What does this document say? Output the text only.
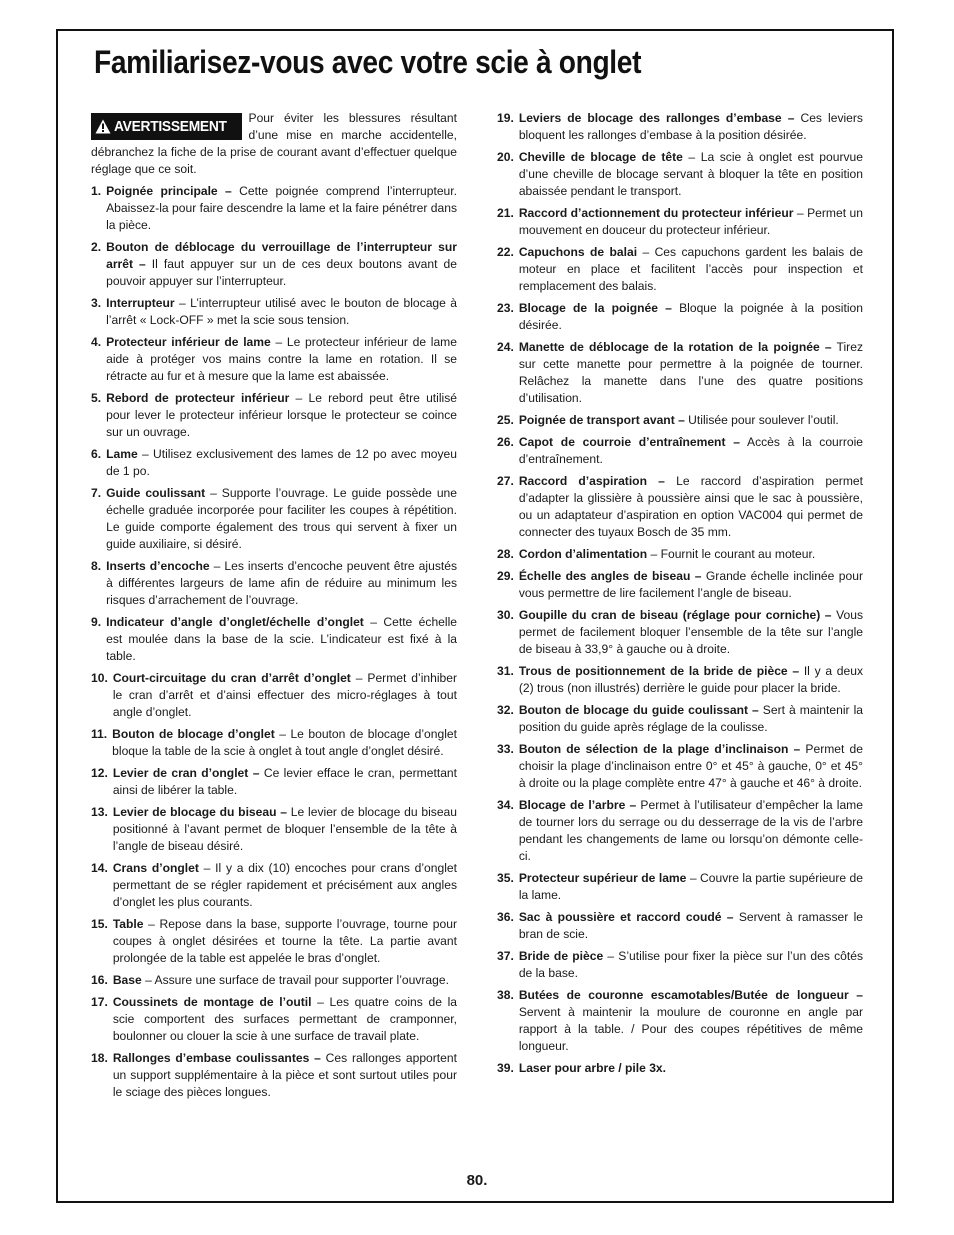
Familiarisez-vous avec votre scie à onglet

AVERTISSEMENT Pour éviter les blessures résultant d’une mise en marche accidentelle, débranchez la fiche de la prise de courant avant d’effectuer quelque réglage que ce soit.

1. Poignée principale – Cette poignée comprend l’interrupteur. Abaissez-la pour faire descendre la lame et la faire pénétrer dans la pièce.
2. Bouton de déblocage du verrouillage de l’interrupteur sur arrêt – Il faut appuyer sur un de ces deux boutons avant de pouvoir appuyer sur l’interrupteur.
3. Interrupteur – L’interrupteur utilisé avec le bouton de blocage à l’arrêt « Lock-OFF » met la scie sous tension.
4. Protecteur inférieur de lame – Le protecteur inférieur de lame aide à protéger vos mains contre la lame en rotation. Il se rétracte au fur et à mesure que la lame est abaissée.
5. Rebord de protecteur inférieur – Le rebord peut être utilisé pour lever le protecteur inférieur lorsque le protecteur se coince sur un ouvrage.
6. Lame – Utilisez exclusivement des lames de 12 po avec moyeu de 1 po.
7. Guide coulissant – Supporte l’ouvrage. Le guide possède une échelle graduée incorporée pour faciliter les coupes à répétition. Le guide comporte également des trous qui servent à fixer un guide auxiliaire, si désiré.
8. Inserts d’encoche – Les inserts d’encoche peuvent être ajustés à différentes largeurs de lame afin de réduire au minimum les risques d’arrachement de l’ouvrage.
9. Indicateur d’angle d’onglet/échelle d’onglet – Cette échelle est moulée dans la base de la scie. L’indicateur est fixé à la table.
10. Court-circuitage du cran d’arrêt d’onglet – Permet d’inhiber le cran d’arrêt et d’ainsi effectuer des micro-réglages à tout angle d’onglet.
11. Bouton de blocage d’onglet – Le bouton de blocage d’onglet bloque la table de la scie à onglet à tout angle d’onglet désiré.
12. Levier de cran d’onglet – Ce levier efface le cran, permettant ainsi de libérer la table.
13. Levier de blocage du biseau – Le levier de blocage du biseau positionné à l’avant permet de bloquer l’ensemble de la tête à l’angle de biseau désiré.
14. Crans d’onglet – Il y a dix (10) encoches pour crans d’onglet permettant de se régler rapidement et précisément aux angles d’onglet les plus courants.
15. Table – Repose dans la base, supporte l’ouvrage, tourne pour coupes à onglet désirées et tourne la tête. La partie avant prolongée de la table est appelée le bras d’onglet.
16. Base – Assure une surface de travail pour supporter l’ouvrage.
17. Coussinets de montage de l’outil – Les quatre coins de la scie comportent des surfaces permettant de cramponner, boulonner ou clouer la scie à une surface de travail plate.
18. Rallonges d’embase coulissantes – Ces rallonges apportent un support supplémentaire à la pièce et sont surtout utiles pour le sciage des pièces longues.
19. Leviers de blocage des rallonges d’embase – Ces leviers bloquent les rallonges d’embase à la position désirée.
20. Cheville de blocage de tête – La scie à onglet est pourvue d’une cheville de blocage servant à bloquer la tête en position abaissée pendant le transport.
21. Raccord d’actionnement du protecteur inférieur – Permet un mouvement en douceur du protecteur inférieur.
22. Capuchons de balai – Ces capuchons gardent les balais de moteur en place et facilitent l’accès pour inspection et remplacement des balais.
23. Blocage de la poignée – Bloque la poignée à la position désirée.
24. Manette de déblocage de la rotation de la poignée – Tirez sur cette manette pour permettre à la poignée de tourner. Relâchez la manette dans l’une des quatre positions d’utilisation.
25. Poignée de transport avant – Utilisée pour soulever l’outil.
26. Capot de courroie d’entraînement – Accès à la courroie d’entraînement.
27. Raccord d’aspiration – Le raccord d’aspiration permet d’adapter la glissière à poussière ainsi que le sac à poussière, ou un adaptateur d’aspiration en option VAC004 qui permet de connecter des tuyaux Bosch de 35 mm.
28. Cordon d’alimentation – Fournit le courant au moteur.
29. Échelle des angles de biseau – Grande échelle inclinée pour vous permettre de lire facilement l’angle de biseau.
30. Goupille du cran de biseau (réglage pour corniche) – Vous permet de facilement bloquer l’ensemble de la tête sur l’angle de biseau à 33,9° à gauche ou à droite.
31. Trous de positionnement de la bride de pièce – Il y a deux (2) trous (non illustrés) derrière le guide pour placer la bride.
32. Bouton de blocage du guide coulissant – Sert à maintenir la position du guide après réglage de la coulisse.
33. Bouton de sélection de la plage d’inclinaison – Permet de choisir la plage d’inclinaison entre 0° et 45° à gauche, 0° et 45° à droite ou la plage complète entre 47° à gauche et 46° à droite.
34. Blocage de l’arbre – Permet à l’utilisateur d’empêcher la lame de tourner lors du serrage ou du desserrage de la vis de l’arbre pendant les changements de lame ou lorsqu’on démonte celle-ci.
35. Protecteur supérieur de lame – Couvre la partie supérieure de la lame.
36. Sac à poussière et raccord coudé – Servent à ramasser le bran de scie.
37. Bride de pièce – S’utilise pour fixer la pièce sur l’un des côtés de la base.
38. Butées de couronne escamotables/Butée de longueur – Servent à maintenir la moulure de couronne en angle par rapport à la table. / Pour des coupes répétitives de même longueur.
39. Laser pour arbre / pile 3x.
80.
